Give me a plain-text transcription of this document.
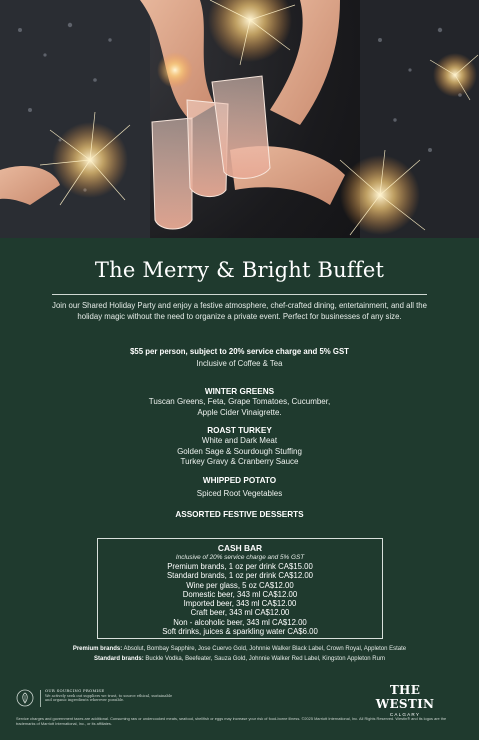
The Merry & Bright Buffet
Join our Shared Holiday Party and enjoy a festive atmosphere, chef-crafted dining, entertainment, and all the holiday magic without the need to organize a private event. Perfect for businesses of any size.
$55 per person, subject to 20% service charge and 5% GST
Inclusive of Coffee & Tea
WINTER GREENS
Tuscan Greens, Feta, Grape Tomatoes, Cucumber,
Apple Cider Vinaigrette.
ROAST TURKEY
White and Dark Meat
Golden Sage & Sourdough Stuffing
Turkey Gravy & Cranberry Sauce
WHIPPED POTATO
Spiced Root Vegetables
ASSORTED FESTIVE DESSERTS
CASH BAR
Inclusive of 20% service charge and 5% GST
Premium brands, 1 oz per drink CA$15.00
Standard brands, 1 oz per drink CA$12.00
Wine per glass, 5 oz CA$12.00
Domestic beer, 343 ml CA$12.00
Imported beer, 343 ml CA$12.00
Craft beer, 343 ml CA$12.00
Non - alcoholic beer, 343 ml CA$12.00
Soft drinks, juices & sparkling water CA$6.00
Premium brands: Absolut, Bombay Sapphire, Jose Cuervo Gold, Johnnie Walker Black Label, Crown Royal, Appleton Estate
Standard brands: Buckle Vodka, Beefeater, Sauza Gold, Johnnie Walker Red Label, Kingston Appleton Rum
OUR SOURCING PROMISE
We actively seek out suppliers we trust, to source ethical, sustainable and organic ingredients wherever possible.
THE WESTIN
CALGARY
Service charges and government taxes are additional. Consuming raw or undercooked meats, seafood, shellfish or eggs may increase your risk of food-borne illness. ©2025 Marriott International, Inc. All Rights Reserved. Westin® and its logos are the trademarks of Marriott International, Inc., or its affiliates.
